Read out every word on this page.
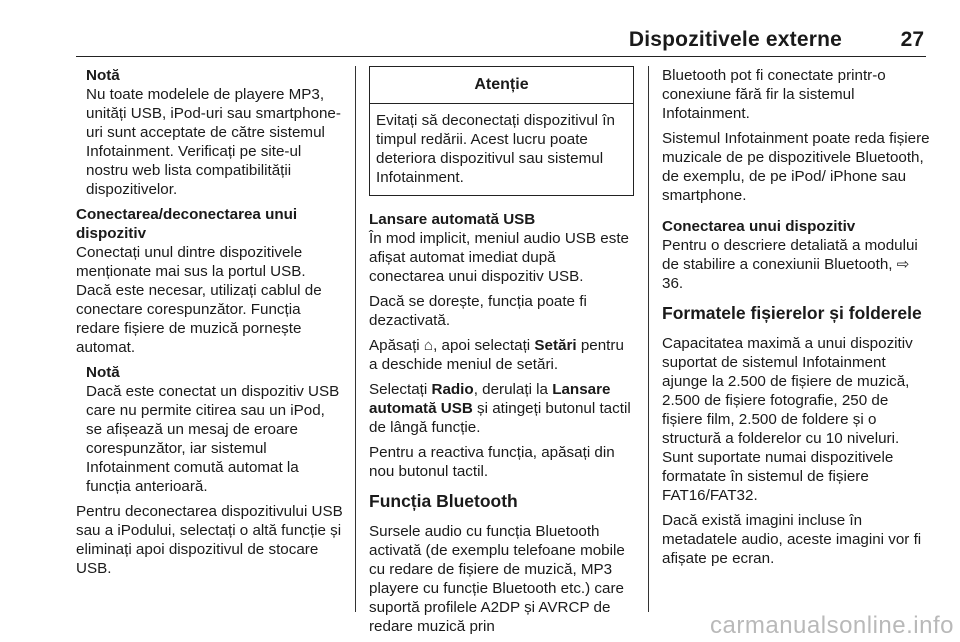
Dispozitivele externe	27
Notă
Nu toate modelele de playere MP3, unități USB, iPod-uri sau smartphone-uri sunt acceptate de către sistemul Infotainment. Verificați pe site-ul nostru web lista compatibilității dispozitivelor.
Conectarea/deconectarea unui dispozitiv

Conectați unul dintre dispozitivele menționate mai sus la portul USB. Dacă este necesar, utilizați cablul de conectare corespunzător. Funcția redare fișiere de muzică pornește automat.

Notă
Dacă este conectat un dispozitiv USB care nu permite citirea sau un iPod, se afișează un mesaj de eroare corespunzător, iar sistemul Infotainment comută automat la funcția anterioară.

Pentru deconectarea dispozitivului USB sau a iPodului, selectați o altă funcție și eliminați apoi dispozitivul de stocare USB.

Atenție
Evitați să deconectați dispozitivul în timpul redării. Acest lucru poate deteriora dispozitivul sau sistemul Infotainment.
Lansare automată USB

În mod implicit, meniul audio USB este afișat automat imediat după conectarea unui dispozitiv USB.

Dacă se dorește, funcția poate fi dezactivată.

Apăsați ⌂, apoi selectați Setări pentru a deschide meniul de setări.

Selectați Radio, derulați la Lansare automată USB și atingeți butonul tactil de lângă funcție.

Pentru a reactiva funcția, apăsați din nou butonul tactil.

Funcția Bluetooth

Sursele audio cu funcția Bluetooth activată (de exemplu telefoane mobile cu redare de fișiere de muzică, MP3 playere cu funcție Bluetooth etc.) care suportă profilele A2DP și AVRCP de redare muzică prin

Bluetooth pot fi conectate printr-o conexiune fără fir la sistemul Infotainment.

Sistemul Infotainment poate reda fișiere muzicale de pe dispozitivele Bluetooth, de exemplu, de pe iPod/ iPhone sau smartphone.

Conectarea unui dispozitiv

Pentru o descriere detaliată a modului de stabilire a conexiunii Bluetooth, ⇨ 36.

Formatele fișierelor și folderele

Capacitatea maximă a unui dispozitiv suportat de sistemul Infotainment ajunge la 2.500 de fișiere de muzică, 2.500 de fișiere fotografie, 250 de fișiere film, 2.500 de foldere și o structură a folderelor cu 10 niveluri. Sunt suportate numai dispozitivele formatate în sistemul de fișiere FAT16/FAT32.

Dacă există imagini incluse în metadatele audio, aceste imagini vor fi afișate pe ecran.

carmanualsonline.info
